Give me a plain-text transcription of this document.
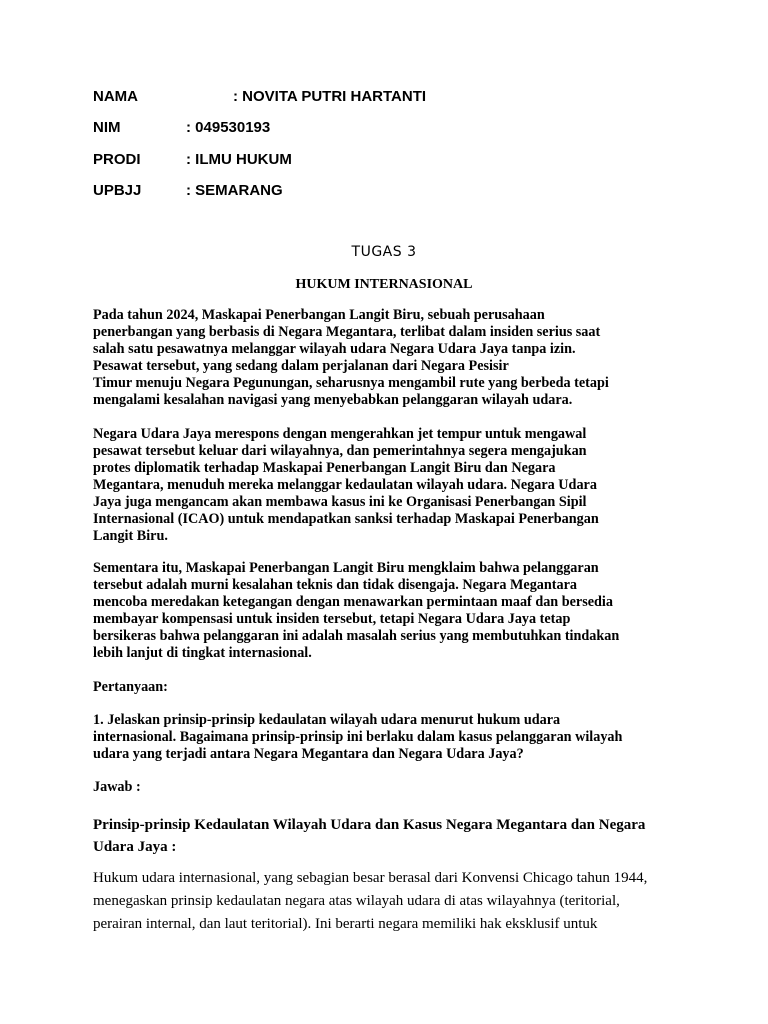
NAMA	: NOVITA PUTRI HARTANTI
NIM	: 049530193
PRODI	: ILMU HUKUM
UPBJJ	: SEMARANG
TUGAS 3
HUKUM INTERNASIONAL

Pada tahun 2024, Maskapai Penerbangan Langit Biru, sebuah perusahaan
penerbangan yang berbasis di Negara Megantara, terlibat dalam insiden serius saat
salah satu pesawatnya melanggar wilayah udara Negara Udara Jaya tanpa izin.
Pesawat tersebut, yang sedang dalam perjalanan dari Negara Pesisir
Timur menuju Negara Pegunungan, seharusnya mengambil rute yang berbeda tetapi
mengalami kesalahan navigasi yang menyebabkan pelanggaran wilayah udara.

Negara Udara Jaya merespons dengan mengerahkan jet tempur untuk mengawal
pesawat tersebut keluar dari wilayahnya, dan pemerintahnya segera mengajukan
protes diplomatik terhadap Maskapai Penerbangan Langit Biru dan Negara
Megantara, menuduh mereka melanggar kedaulatan wilayah udara. Negara Udara
Jaya juga mengancam akan membawa kasus ini ke Organisasi Penerbangan Sipil
Internasional (ICAO) untuk mendapatkan sanksi terhadap Maskapai Penerbangan
Langit Biru.

Sementara itu, Maskapai Penerbangan Langit Biru mengklaim bahwa pelanggaran
tersebut adalah murni kesalahan teknis dan tidak disengaja. Negara Megantara
mencoba meredakan ketegangan dengan menawarkan permintaan maaf dan bersedia
membayar kompensasi untuk insiden tersebut, tetapi Negara Udara Jaya tetap
bersikeras bahwa pelanggaran ini adalah masalah serius yang membutuhkan tindakan
lebih lanjut di tingkat internasional.

Pertanyaan:

1. Jelaskan prinsip-prinsip kedaulatan wilayah udara menurut hukum udara
internasional. Bagaimana prinsip-prinsip ini berlaku dalam kasus pelanggaran wilayah
udara yang terjadi antara Negara Megantara dan Negara Udara Jaya?

Jawab :

Prinsip-prinsip Kedaulatan Wilayah Udara dan Kasus Negara Megantara dan Negara
Udara Jaya :

Hukum udara internasional, yang sebagian besar berasal dari Konvensi Chicago tahun 1944,
menegaskan prinsip kedaulatan negara atas wilayah udara di atas wilayahnya (teritorial,
perairan internal, dan laut teritorial). Ini berarti negara memiliki hak eksklusif untuk
